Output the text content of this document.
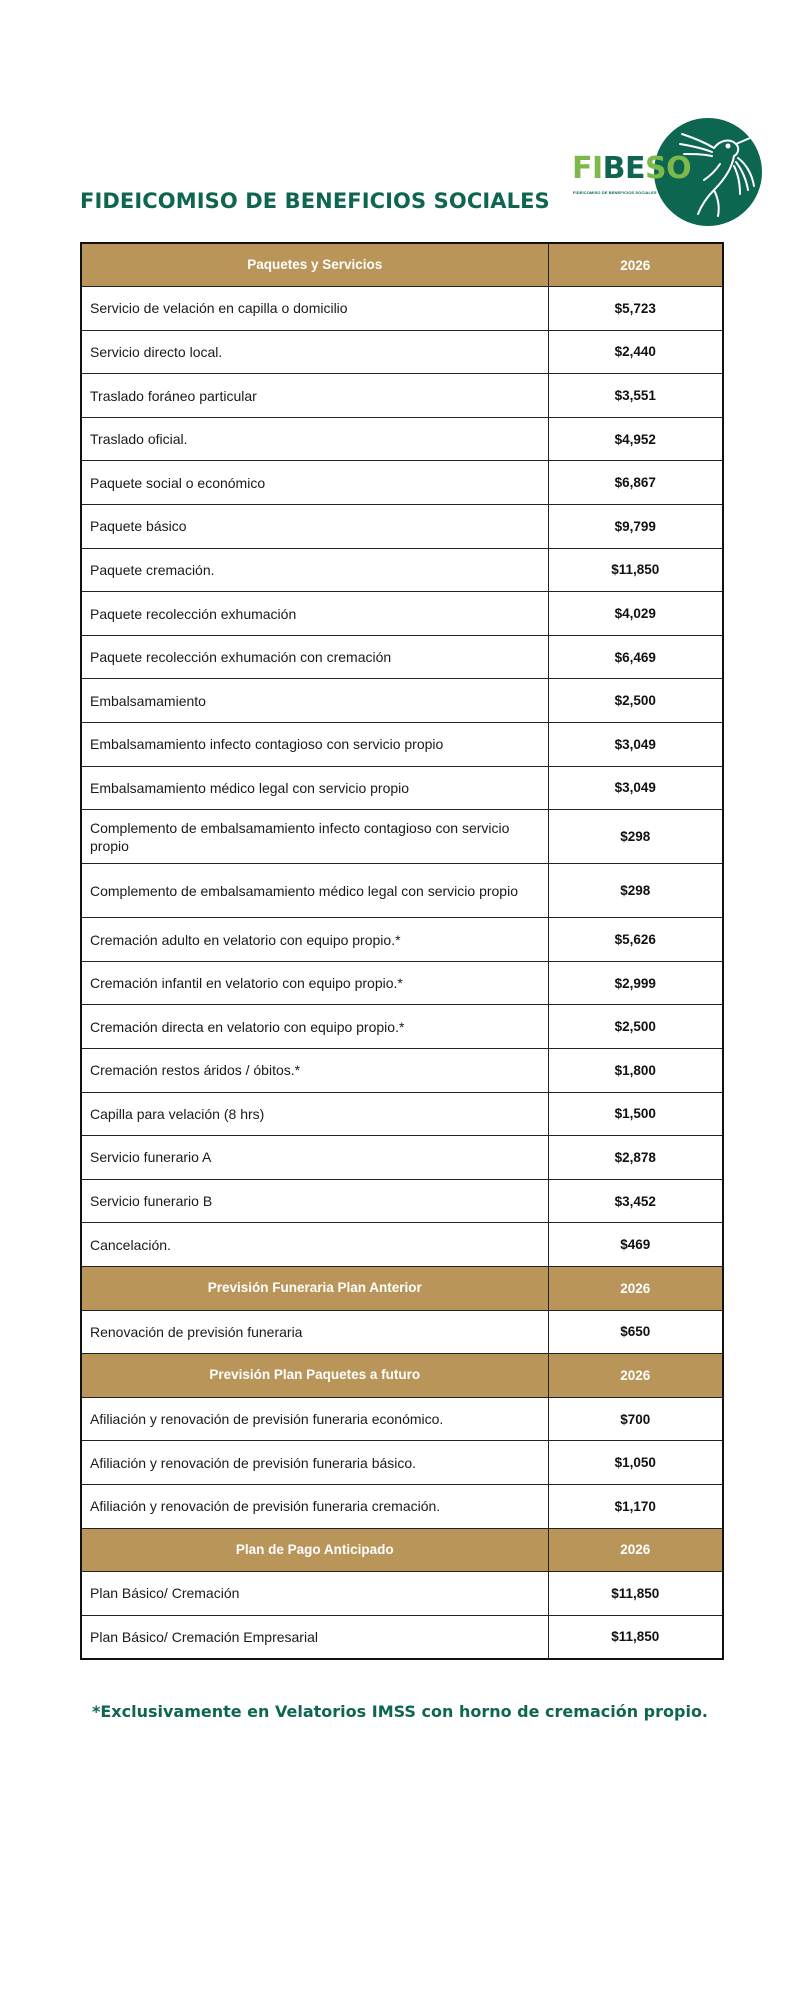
FIDEICOMISO DE BENEFICIOS SOCIALES
FIBESO
FIDEICOMISO DE BENEFICIOS SOCIALES
Paquetes y Servicios	2026
Servicio de velación en capilla o domicilio	$5,723
Servicio directo local.	$2,440
Traslado foráneo particular	$3,551
Traslado oficial.	$4,952
Paquete social o económico	$6,867
Paquete básico	$9,799
Paquete cremación.	$11,850
Paquete recolección exhumación	$4,029
Paquete recolección exhumación con cremación	$6,469
Embalsamamiento	$2,500
Embalsamamiento infecto contagioso con servicio propio	$3,049
Embalsamamiento médico legal con servicio propio	$3,049
Complemento de embalsamamiento infecto contagioso con servicio propio	$298
Complemento de embalsamamiento médico legal con servicio propio	$298
Cremación adulto en velatorio con equipo propio.*	$5,626
Cremación infantil en velatorio con equipo propio.*	$2,999
Cremación directa en velatorio con equipo propio.*	$2,500
Cremación restos áridos / óbitos.*	$1,800
Capilla para velación (8 hrs)	$1,500
Servicio funerario A	$2,878
Servicio funerario B	$3,452
Cancelación.	$469
Previsión Funeraria Plan Anterior	2026
Renovación de previsión funeraria	$650
Previsión Plan Paquetes a futuro	2026
Afiliación y renovación de previsión funeraria económico.	$700
Afiliación y renovación de previsión funeraria básico.	$1,050
Afiliación y renovación de previsión funeraria cremación.	$1,170
Plan de Pago Anticipado	2026
Plan Básico/ Cremación	$11,850
Plan Básico/ Cremación Empresarial	$11,850
*Exclusivamente en Velatorios IMSS con horno de cremación propio.
